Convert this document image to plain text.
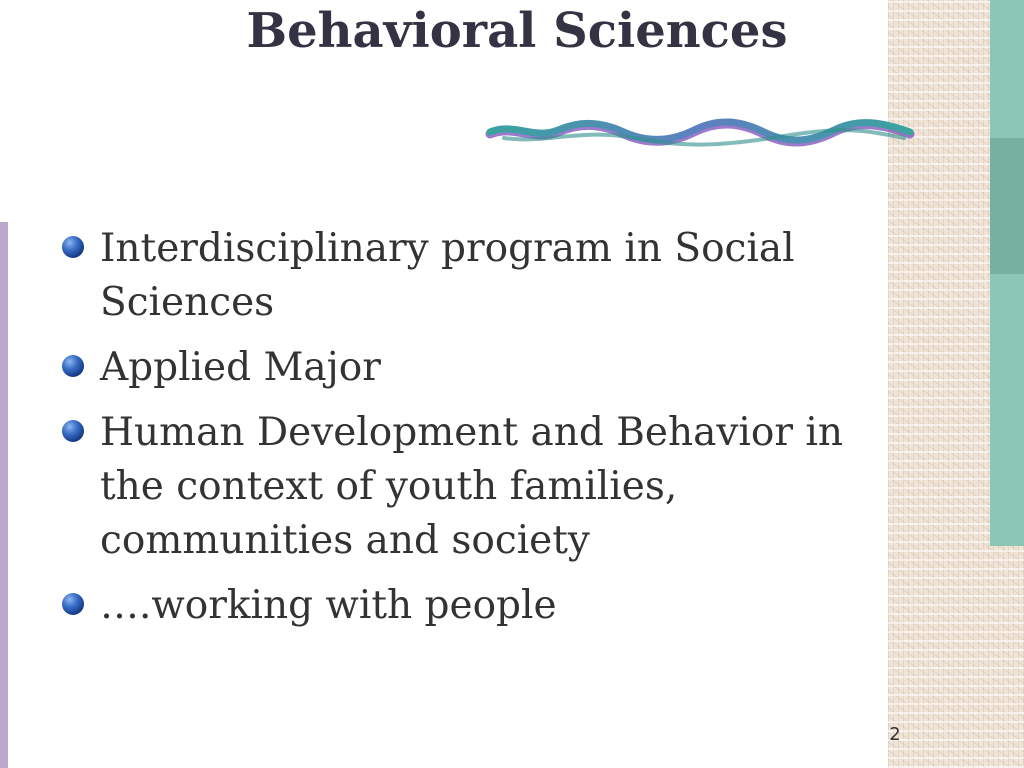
Behavioral Sciences
Interdisciplinary program in Social
Sciences
Applied Major
Human Development and Behavior in
the context of youth families,
communities and society
….working with people
2
